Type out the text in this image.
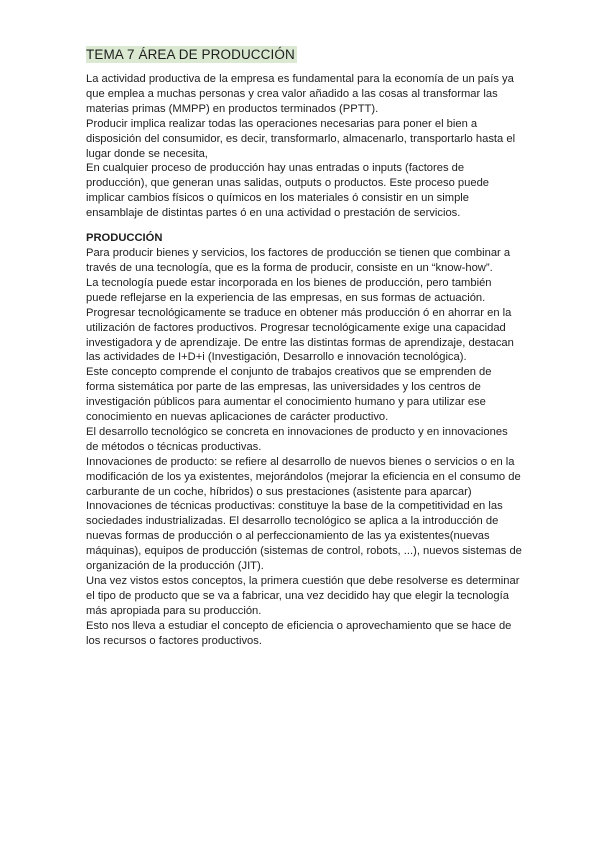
TEMA 7 ÁREA DE PRODUCCIÓN

La actividad productiva de la empresa es fundamental para la economía de un país ya que emplea a muchas personas y crea valor añadido a las cosas al transformar las materias primas (MMPP) en productos terminados (PPTT).

Producir implica realizar todas las operaciones necesarias para poner el bien a disposición del consumidor, es decir, transformarlo, almacenarlo, transportarlo hasta el lugar donde se necesita,

En cualquier proceso de producción hay unas entradas o inputs (factores de producción), que generan unas salidas, outputs o productos. Este proceso puede implicar cambios físicos o químicos en los materiales ó consistir en un simple ensamblaje de distintas partes ó en una actividad o prestación de servicios.

PRODUCCIÓN

Para producir bienes y servicios, los factores de producción se tienen que combinar a través de una tecnología, que es la forma de producir, consiste en un “know-how”.

La tecnología puede estar incorporada en los bienes de producción, pero también puede reflejarse en la experiencia de las empresas, en sus formas de actuación.

Progresar tecnológicamente se traduce en obtener más producción ó en ahorrar en la utilización de factores productivos. Progresar tecnológicamente exige una capacidad investigadora y de aprendizaje. De entre las distintas formas de aprendizaje, destacan las actividades de I+D+i (Investigación, Desarrollo e innovación tecnológica).

Este concepto comprende el conjunto de trabajos creativos que se emprenden de forma sistemática por parte de las empresas, las universidades y los centros de investigación públicos para aumentar el conocimiento humano y para utilizar ese conocimiento en nuevas aplicaciones de carácter productivo.

El desarrollo tecnológico se concreta en innovaciones de producto y en innovaciones de métodos o técnicas productivas.

Innovaciones de producto: se refiere al desarrollo de nuevos bienes o servicios o en la modificación de los ya existentes, mejorándolos (mejorar la eficiencia en el consumo de carburante de un coche, híbridos) o sus prestaciones (asistente para aparcar)

Innovaciones de técnicas productivas: constituye la base de la competitividad en las sociedades industrializadas. El desarrollo tecnológico se aplica a la introducción de nuevas formas de producción o al perfeccionamiento de las ya existentes(nuevas máquinas), equipos de producción (sistemas de control, robots, ...), nuevos sistemas de organización de la producción (JIT).

Una vez vistos estos conceptos, la primera cuestión que debe resolverse es determinar el tipo de producto que se va a fabricar, una vez decidido hay que elegir la tecnología más apropiada para su producción.

Esto nos lleva a estudiar el concepto de eficiencia o aprovechamiento que se hace de los recursos o factores productivos.
